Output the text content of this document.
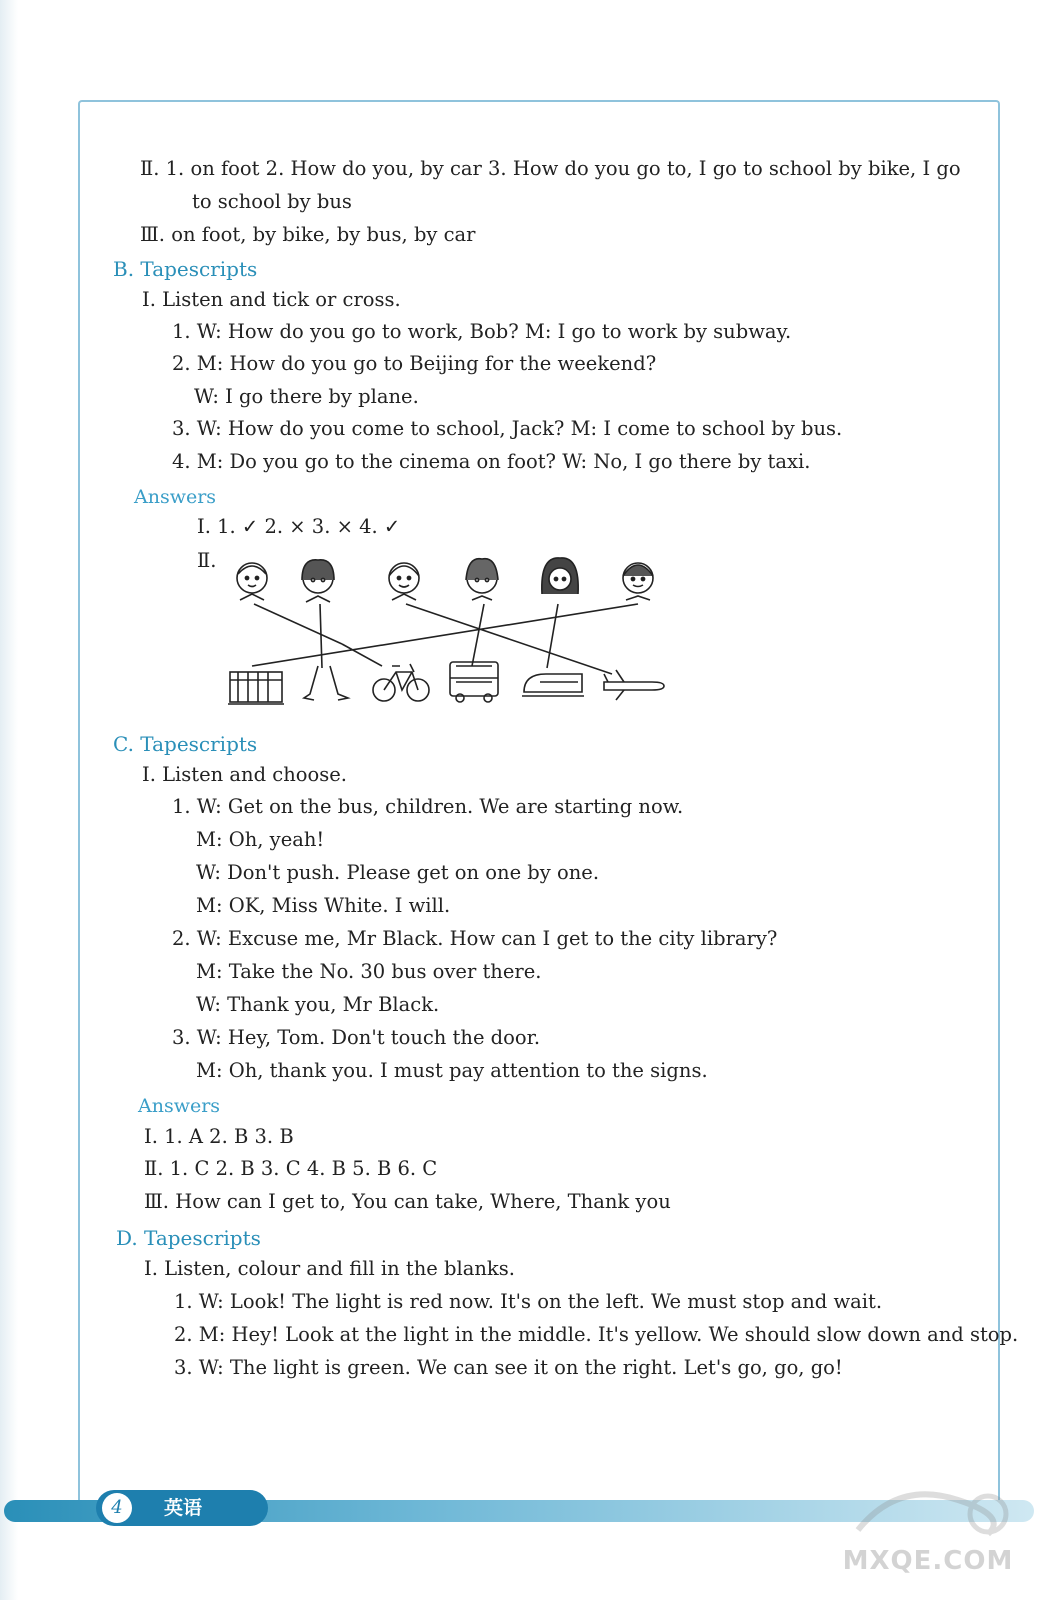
Ⅱ. 1. on foot 2. How do you, by car 3. How do you go to, I go to school by bike, I go
to school by bus
Ⅲ. on foot, by bike, by bus, by car
B. Tapescripts
Ⅰ. Listen and tick or cross.
1. W: How do you go to work, Bob? M: I go to work by subway.
2. M: How do you go to Beijing for the weekend?
W: I go there by plane.
3. W: How do you come to school, Jack? M: I come to school by bus.
4. M: Do you go to the cinema on foot? W: No, I go there by taxi.
Answers
Ⅰ. 1. ✓ 2. × 3. × 4. ✓
Ⅱ.
C. Tapescripts
Ⅰ. Listen and choose.
1. W: Get on the bus, children. We are starting now.
M: Oh, yeah!
W: Don't push. Please get on one by one.
M: OK, Miss White. I will.
2. W: Excuse me, Mr Black. How can I get to the city library?
M: Take the No. 30 bus over there.
W: Thank you, Mr Black.
3. W: Hey, Tom. Don't touch the door.
M: Oh, thank you. I must pay attention to the signs.
Answers
Ⅰ. 1. A 2. B 3. B
Ⅱ. 1. C 2. B 3. C 4. B 5. B 6. C
Ⅲ. How can I get to, You can take, Where, Thank you
D. Tapescripts
Ⅰ. Listen, colour and fill in the blanks.
1. W: Look! The light is red now. It's on the left. We must stop and wait.
2. M: Hey! Look at the light in the middle. It's yellow. We should slow down and stop.
3. W: The light is green. We can see it on the right. Let's go, go, go!
4	英语
MXQE.COM
